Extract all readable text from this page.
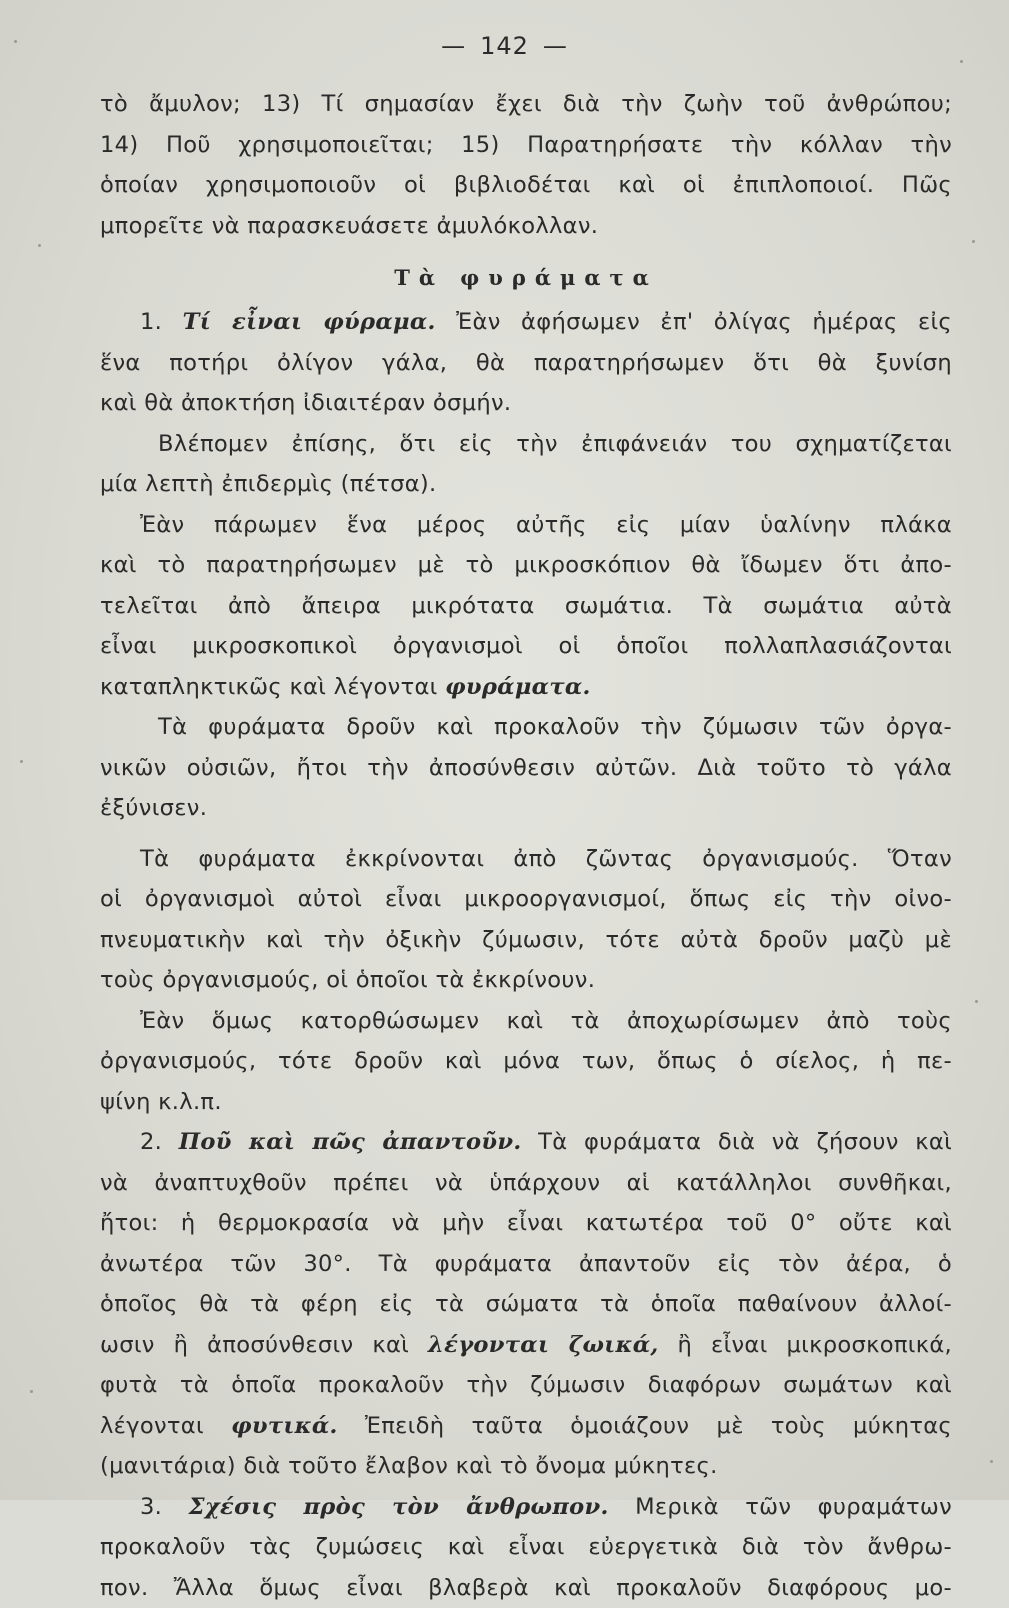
— 142 —
τὸ ἄμυλον; 13) Τί σημασίαν ἔχει διὰ τὴν ζωὴν τοῦ ἀνθρώπου;
14) Ποῦ χρησιμοποιεῖται; 15) Παρατηρήσατε τὴν κόλλαν τὴν
ὁποίαν χρησιμοποιοῦν οἱ βιβλιοδέται καὶ οἱ ἐπιπλοποιοί. Πῶς
μπορεῖτε νὰ παρασκευάσετε ἀμυλόκολλαν.
Τὰ φυράματα
1. Τί εἶναι φύραμα. Ἐὰν ἀφήσωμεν ἐπ' ὀλίγας ἡμέρας εἰς
ἕνα ποτήρι ὀλίγον γάλα, θὰ παρατηρήσωμεν ὅτι θὰ ξυνίση
καὶ θὰ ἀποκτήση ἰδιαιτέραν ὀσμήν.
Βλέπομεν ἐπίσης, ὅτι εἰς τὴν ἐπιφάνειάν του σχηματίζεται
μία λεπτὴ ἐπιδερμὶς (πέτσα).
Ἐὰν πάρωμεν ἕνα μέρος αὐτῆς εἰς μίαν ὑαλίνην πλάκα
καὶ τὸ παρατηρήσωμεν μὲ τὸ μικροσκόπιον θὰ ἴδωμεν ὅτι ἀπο-
τελεῖται ἀπὸ ἄπειρα μικρότατα σωμάτια. Τὰ σωμάτια αὐτὰ
εἶναι μικροσκοπικοὶ ὀργανισμοὶ οἱ ὁποῖοι πολλαπλασιάζονται
καταπληκτικῶς καὶ λέγονται φυράματα.
Τὰ φυράματα δροῦν καὶ προκαλοῦν τὴν ζύμωσιν τῶν ὀργα-
νικῶν οὐσιῶν, ἤτοι τὴν ἀποσύνθεσιν αὐτῶν. Διὰ τοῦτο τὸ γάλα
ἐξύνισεν.
Τὰ φυράματα ἐκκρίνονται ἀπὸ ζῶντας ὀργανισμούς. Ὅταν
οἱ ὀργανισμοὶ αὐτοὶ εἶναι μικροοργανισμοί, ὅπως εἰς τὴν οἰνο-
πνευματικὴν καὶ τὴν ὀξικὴν ζύμωσιν, τότε αὐτὰ δροῦν μαζὺ μὲ
τοὺς ὀργανισμούς, οἱ ὁποῖοι τὰ ἐκκρίνουν.
Ἐὰν ὅμως κατορθώσωμεν καὶ τὰ ἀποχωρίσωμεν ἀπὸ τοὺς
ὀργανισμούς, τότε δροῦν καὶ μόνα των, ὅπως ὁ σίελος, ἡ πε-
ψίνη κ.λ.π.
2. Ποῦ καὶ πῶς ἀπαντοῦν. Τὰ φυράματα διὰ νὰ ζήσουν καὶ
νὰ ἀναπτυχθοῦν πρέπει νὰ ὑπάρχουν αἱ κατάλληλοι συνθῆκαι,
ἤτοι: ἡ θερμοκρασία νὰ μὴν εἶναι κατωτέρα τοῦ 0° οὔτε καὶ
ἀνωτέρα τῶν 30°. Τὰ φυράματα ἀπαντοῦν εἰς τὸν ἀέρα, ὁ
ὁποῖος θὰ τὰ φέρη εἰς τὰ σώματα τὰ ὁποῖα παθαίνουν ἀλλοί-
ωσιν ἢ ἀποσύνθεσιν καὶ λέγονται ζωικά, ἢ εἶναι μικροσκοπικά,
φυτὰ τὰ ὁποῖα προκαλοῦν τὴν ζύμωσιν διαφόρων σωμάτων καὶ
λέγονται φυτικά. Ἐπειδὴ ταῦτα ὁμοιάζουν μὲ τοὺς μύκητας
(μανιτάρια) διὰ τοῦτο ἔλαβον καὶ τὸ ὄνομα μύκητες.
3. Σχέσις πρὸς τὸν ἄνθρωπον. Μερικὰ τῶν φυραμάτων
προκαλοῦν τὰς ζυμώσεις καὶ εἶναι εὐεργετικὰ διὰ τὸν ἄνθρω-
πον. Ἄλλα ὅμως εἶναι βλαβερὰ καὶ προκαλοῦν διαφόρους μο-
